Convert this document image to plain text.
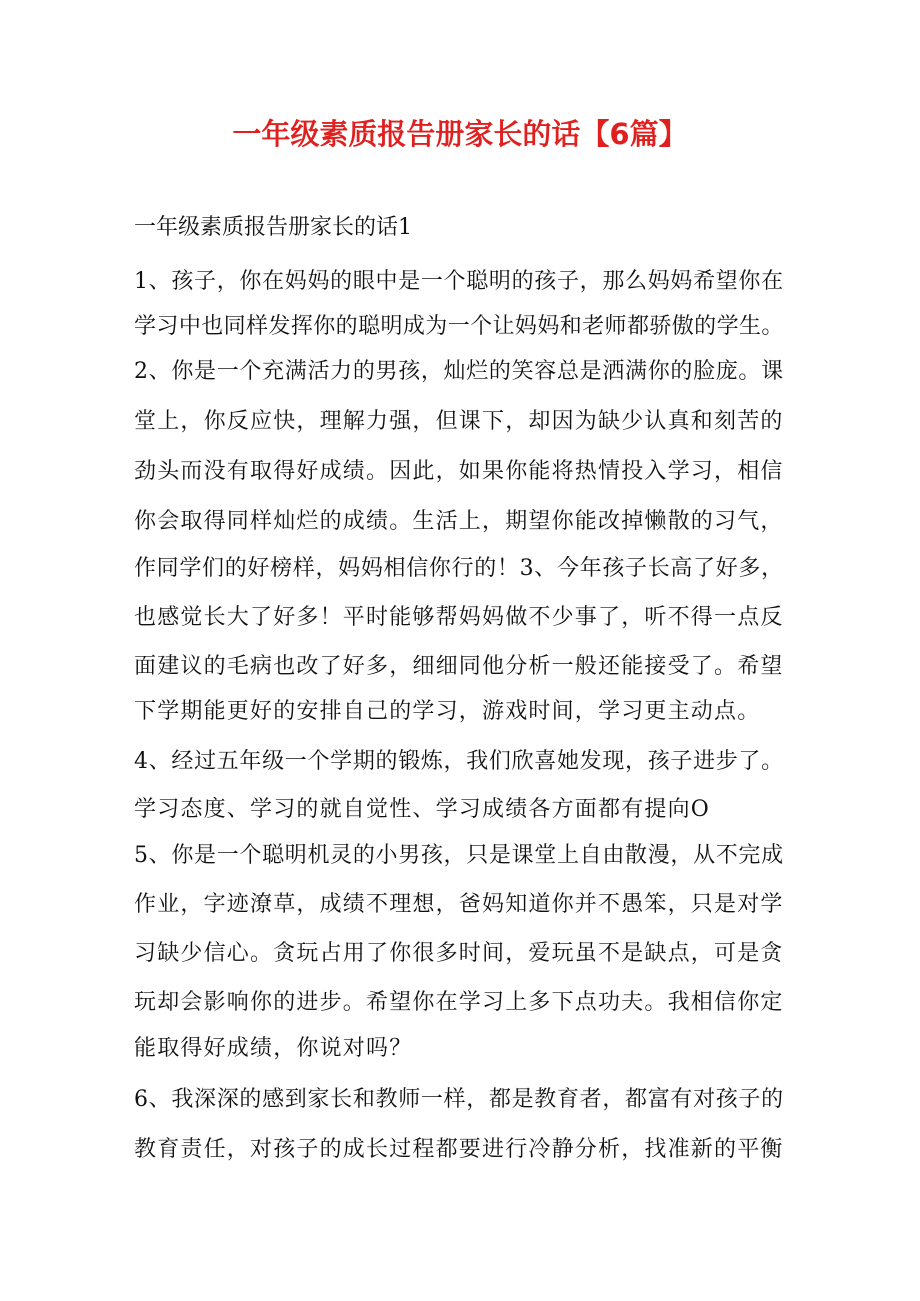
一年级素质报告册家长的话【6篇】
一年级素质报告册家长的话1
1、孩子，你在妈妈的眼中是一个聪明的孩子，那么妈妈希望你在
学习中也同样发挥你的聪明成为一个让妈妈和老师都骄傲的学生。
2、你是一个充满活力的男孩，灿烂的笑容总是洒满你的脸庞。课
堂上，你反应快，理解力强，但课下，却因为缺少认真和刻苦的
劲头而没有取得好成绩。因此，如果你能将热情投入学习，相信
你会取得同样灿烂的成绩。生活上，期望你能改掉懒散的习气，
作同学们的好榜样，妈妈相信你行的！3、今年孩子长高了好多，
也感觉长大了好多！平时能够帮妈妈做不少事了，听不得一点反
面建议的毛病也改了好多，细细同他分析一般还能接受了。希望
下学期能更好的安排自己的学习，游戏时间，学习更主动点。
4、经过五年级一个学期的锻炼，我们欣喜她发现，孩子进步了。
学习态度、学习的就自觉性、学习成绩各方面都有提向O
5、你是一个聪明机灵的小男孩，只是课堂上自由散漫，从不完成
作业，字迹潦草，成绩不理想，爸妈知道你并不愚笨，只是对学
习缺少信心。贪玩占用了你很多时间，爱玩虽不是缺点，可是贪
玩却会影响你的进步。希望你在学习上多下点功夫。我相信你定
能取得好成绩，你说对吗？
6、我深深的感到家长和教师一样，都是教育者，都富有对孩子的
教育责任，对孩子的成长过程都要进行冷静分析，找准新的平衡
